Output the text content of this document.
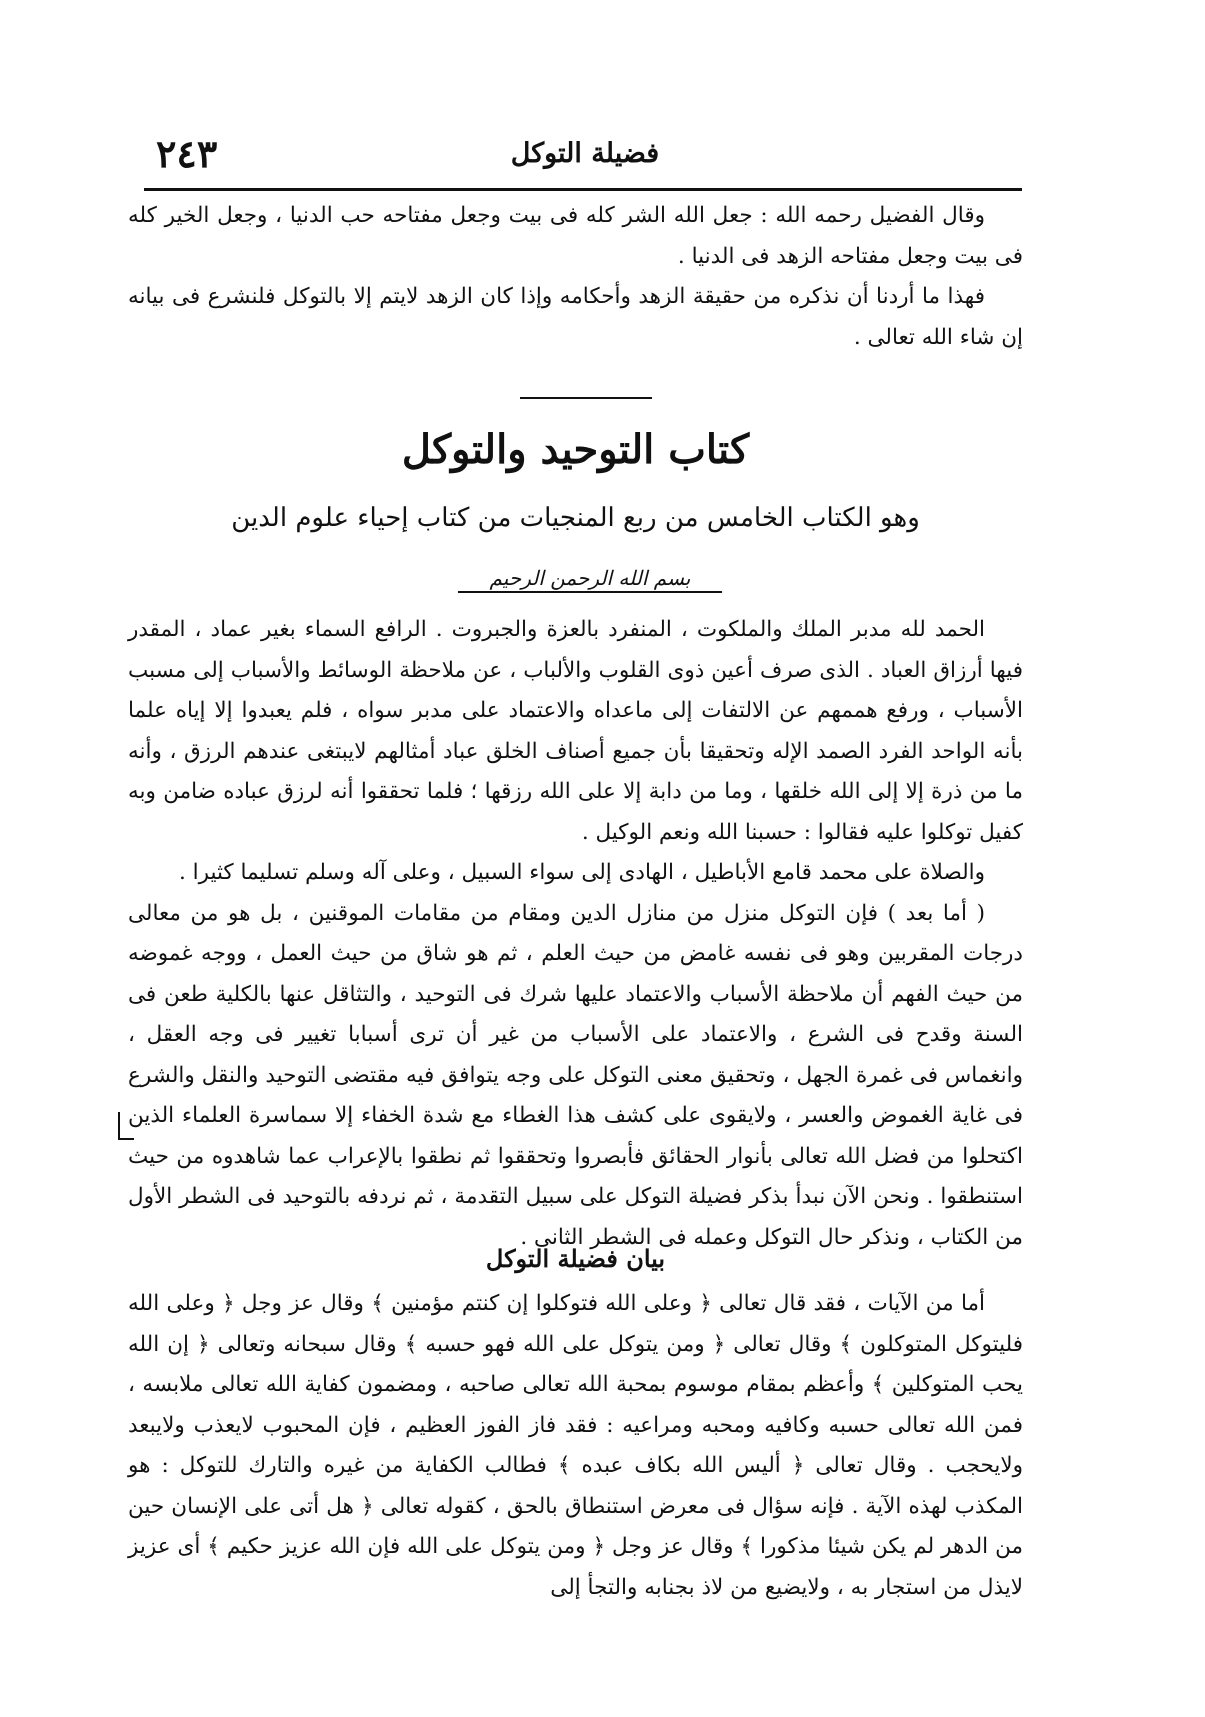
٢٤٣	فضيلة التوكل

وقال الفضيل رحمه الله : جعل الله الشر كله فى بيت وجعل مفتاحه حب الدنيا ، وجعل الخير كله فى بيت وجعل مفتاحه الزهد فى الدنيا .

فهذا ما أردنا أن نذكره من حقيقة الزهد وأحكامه وإذا كان الزهد لايتم إلا بالتوكل فلنشرع فى بيانه إن شاء الله تعالى .

كتاب التوحيد والتوكل
وهو الكتاب الخامس من ربع المنجيات من كتاب إحياء علوم الدين
بسم الله الرحمن الرحيم

الحمد لله مدبر الملك والملكوت ، المنفرد بالعزة والجبروت . الرافع السماء بغير عماد ، المقدر فيها أرزاق العباد . الذى صرف أعين ذوى القلوب والألباب ، عن ملاحظة الوسائط والأسباب إلى مسبب الأسباب ، ورفع هممهم عن الالتفات إلى ماعداه والاعتماد على مدبر سواه ، فلم يعبدوا إلا إياه علما بأنه الواحد الفرد الصمد الإله وتحقيقا بأن جميع أصناف الخلق عباد أمثالهم لايبتغى عندهم الرزق ، وأنه ما من ذرة إلا إلى الله خلقها ، وما من دابة إلا على الله رزقها ؛ فلما تحققوا أنه لرزق عباده ضامن وبه كفيل توكلوا عليه فقالوا : حسبنا الله ونعم الوكيل .

والصلاة على محمد قامع الأباطيل ، الهادى إلى سواء السبيل ، وعلى آله وسلم تسليما كثيرا .

( أما بعد ) فإن التوكل منزل من منازل الدين ومقام من مقامات الموقنين ، بل هو من معالى درجات المقربين وهو فى نفسه غامض من حيث العلم ، ثم هو شاق من حيث العمل ، ووجه غموضه من حيث الفهم أن ملاحظة الأسباب والاعتماد عليها شرك فى التوحيد ، والتثاقل عنها بالكلية طعن فى السنة وقدح فى الشرع ، والاعتماد على الأسباب من غير أن ترى أسبابا تغيير فى وجه العقل ، وانغماس فى غمرة الجهل ، وتحقيق معنى التوكل على وجه يتوافق فيه مقتضى التوحيد والنقل والشرع فى غاية الغموض والعسر ، ولايقوى على كشف هذا الغطاء مع شدة الخفاء إلا سماسرة العلماء الذين اكتحلوا من فضل الله تعالى بأنوار الحقائق فأبصروا وتحققوا ثم نطقوا بالإعراب عما شاهدوه من حيث استنطقوا . ونحن الآن نبدأ بذكر فضيلة التوكل على سبيل التقدمة ، ثم نردفه بالتوحيد فى الشطر الأول من الكتاب ، ونذكر حال التوكل وعمله فى الشطر الثانى .

بيان فضيلة التوكل

أما من الآيات ، فقد قال تعالى ﴿ وعلى الله فتوكلوا إن كنتم مؤمنين ﴾ وقال عز وجل ﴿ وعلى الله فليتوكل المتوكلون ﴾ وقال تعالى ﴿ ومن يتوكل على الله فهو حسبه ﴾ وقال سبحانه وتعالى ﴿ إن الله يحب المتوكلين ﴾ وأعظم بمقام موسوم بمحبة الله تعالى صاحبه ، ومضمون كفاية الله تعالى ملابسه ، فمن الله تعالى حسبه وكافيه ومحبه ومراعيه : فقد فاز الفوز العظيم ، فإن المحبوب لايعذب ولايبعد ولايحجب . وقال تعالى ﴿ أليس الله بكاف عبده ﴾ فطالب الكفاية من غيره والتارك للتوكل : هو المكذب لهذه الآية . فإنه سؤال فى معرض استنطاق بالحق ، كقوله تعالى ﴿ هل أتى على الإنسان حين من الدهر لم يكن شيئا مذكورا ﴾ وقال عز وجل ﴿ ومن يتوكل على الله فإن الله عزيز حكيم ﴾ أى عزيز لايذل من استجار به ، ولايضيع من لاذ بجنابه والتجأ إلى
